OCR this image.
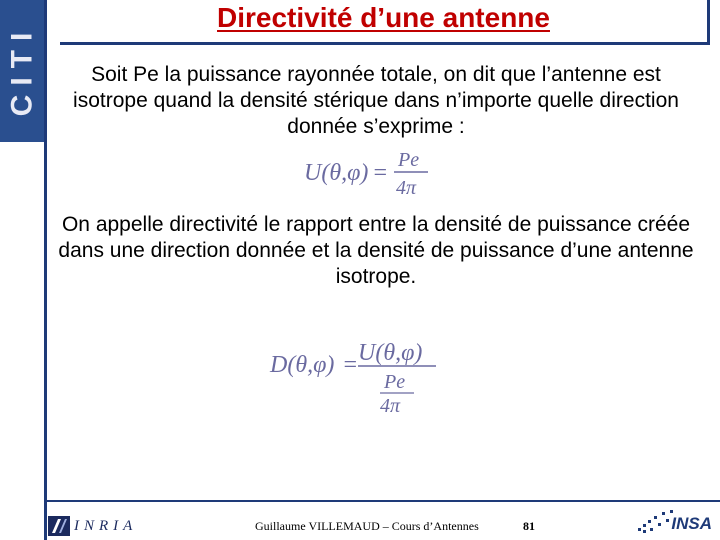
CITI
Directivité d’une antenne
Soit Pe la puissance rayonnée totale, on dit que l’antenne est isotrope quand la densité stérique dans n’importe quelle direction donnée s’exprime :
U(θ,φ) = Pe
4π
On appelle directivité le rapport entre la densité de puissance créée dans une direction donnée et la densité de puissance d’une antenne isotrope.
D(θ,φ) = U(θ,φ)
Pe
4π
INRIA	Guillaume VILLEMAUD – Cours d’Antennes	81	INSA
